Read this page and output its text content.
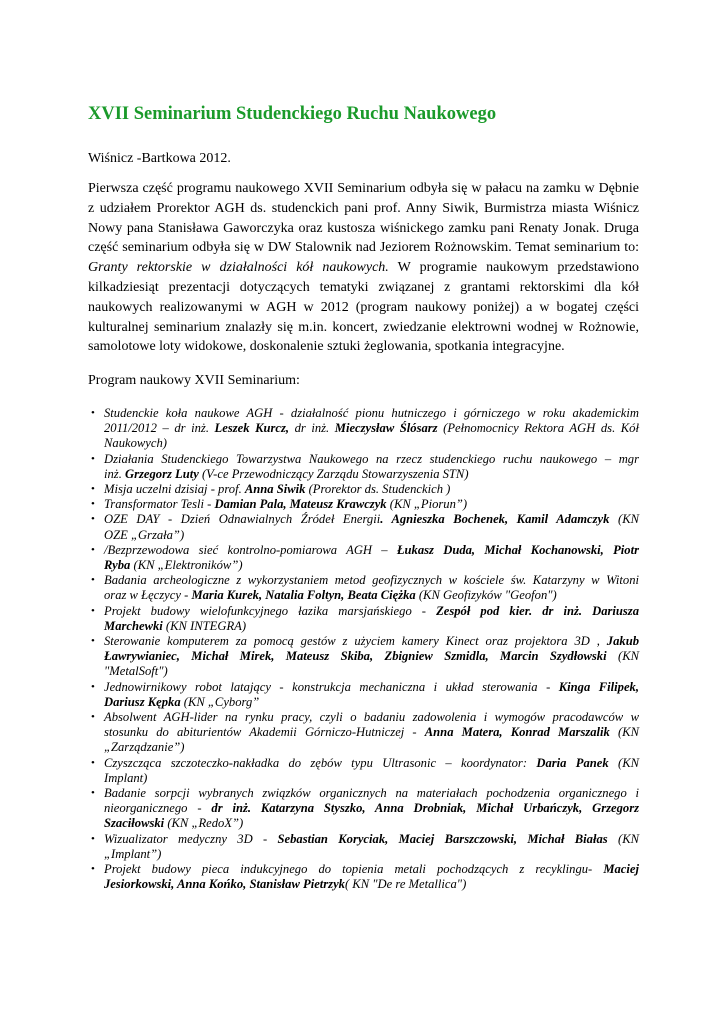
XVII Seminarium Studenckiego Ruchu Naukowego
Wiśnicz -Bartkowa 2012.
Pierwsza część programu naukowego XVII Seminarium odbyła się w pałacu na zamku w Dębnie
z udziałem Prorektor AGH ds. studenckich pani prof. Anny Siwik, Burmistrza miasta Wiśnicz
Nowy pana Stanisława Gaworczyka oraz kustosza wiśnickego zamku pani Renaty Jonak. Druga
część seminarium odbyła się w DW Stalownik nad Jeziorem Rożnowskim. Temat seminarium to:
Granty rektorskie w działalności kół naukowych. W programie naukowym przedstawiono
kilkadziesiąt prezentacji dotyczących tematyki związanej z grantami rektorskimi dla kół
naukowych realizowanymi w AGH w 2012 (program naukowy poniżej) a w bogatej części
kulturalnej seminarium znalazły się m.in. koncert, zwiedzanie elektrowni wodnej w Rożnowie,
samolotowe loty widokowe, doskonalenie sztuki żeglowania, spotkania integracyjne.
Program naukowy XVII Seminarium:
• Studenckie koła naukowe AGH - działalność pionu hutniczego i górniczego w roku akademickim
2011/2012 – dr inż. Leszek Kurcz, dr inż. Mieczysław Ślósarz (Pełnomocnicy Rektora AGH ds. Kół
Naukowych)
• Działania Studenckiego Towarzystwa Naukowego na rzecz studenckiego ruchu naukowego – mgr
inż. Grzegorz Luty (V-ce Przewodniczący Zarządu Stowarzyszenia STN)
• Misja uczelni dzisiaj - prof. Anna Siwik (Prorektor ds. Studenckich )
• Transformator Tesli - Damian Pala, Mateusz Krawczyk (KN „Piorun”)
• OZE DAY - Dzień Odnawialnych Źródeł Energii. Agnieszka Bochenek, Kamil Adamczyk (KN
OZE „Grzała”)
• /Bezprzewodowa sieć kontrolno-pomiarowa AGH – Łukasz Duda, Michał Kochanowski, Piotr
Ryba (KN „Elektroników”)
• Badania archeologiczne z wykorzystaniem metod geofizycznych w kościele św. Katarzyny w Witoni
oraz w Łęczycy - Maria Kurek, Natalia Foltyn, Beata Ciężka (KN Geofizyków "Geofon")
• Projekt budowy wielofunkcyjnego łazika marsjańskiego - Zespół pod kier. dr inż. Dariusza
Marchewki (KN INTEGRA)
• Sterowanie komputerem za pomocą gestów z użyciem kamery Kinect oraz projektora 3D , Jakub
Ławrywianiec, Michał Mirek, Mateusz Skiba, Zbigniew Szmidla, Marcin Szydłowski (KN
"MetalSoft")
• Jednowirnikowy robot latający - konstrukcja mechaniczna i układ sterowania - Kinga Filipek,
Dariusz Kępka (KN „Cyborg”
• Absolwent AGH-lider na rynku pracy, czyli o badaniu zadowolenia i wymogów pracodawców w
stosunku do abiturientów Akademii Górniczo-Hutniczej - Anna Matera, Konrad Marszalik (KN
„Zarządzanie”)
• Czyszcząca szczoteczko-nakładka do zębów typu Ultrasonic – koordynator: Daria Panek (KN
Implant)
• Badanie sorpcji wybranych związków organicznych na materiałach pochodzenia organicznego i
nieorganicznego - dr inż. Katarzyna Styszko, Anna Drobniak, Michał Urbańczyk, Grzegorz
Szaciłowski (KN „RedoX”)
• Wizualizator medyczny 3D - Sebastian Koryciak, Maciej Barszczowski, Michał Białas (KN
„Implant”)
• Projekt budowy pieca indukcyjnego do topienia metali pochodzących z recyklingu- Maciej
Jesiorkowski, Anna Końko, Stanisław Pietrzyk( KN "De re Metallica")
